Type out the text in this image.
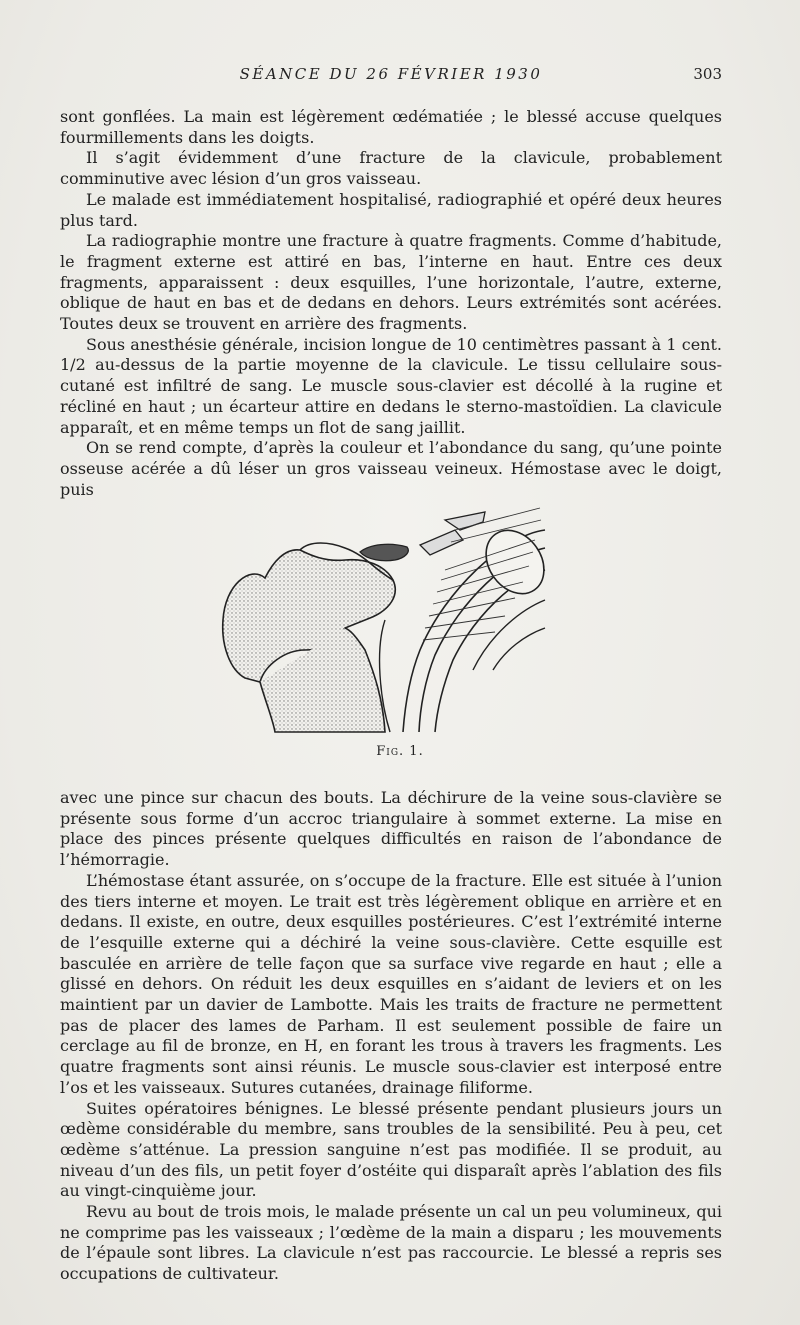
SÉANCE DU 26 FÉVRIER 1930	303

sont gonflées. La main est légèrement œdématiée ; le blessé accuse quelques fourmillements dans les doigts.

Il s’agit évidemment d’une fracture de la clavicule, probablement comminutive avec lésion d’un gros vaisseau.

Le malade est immédiatement hospitalisé, radiographié et opéré deux heures plus tard.

La radiographie montre une fracture à quatre fragments. Comme d’habitude, le fragment externe est attiré en bas, l’interne en haut. Entre ces deux fragments, apparaissent : deux esquilles, l’une horizontale, l’autre, externe, oblique de haut en bas et de dedans en dehors. Leurs extrémités sont acérées. Toutes deux se trouvent en arrière des fragments.

Sous anesthésie générale, incision longue de 10 centimètres passant à 1 cent. 1/2 au-dessus de la partie moyenne de la clavicule. Le tissu cellulaire sous-cutané est infiltré de sang. Le muscle sous-clavier est décollé à la rugine et récliné en haut ; un écarteur attire en dedans le sterno-mastoïdien. La clavicule apparaît, et en même temps un flot de sang jaillit.

On se rend compte, d’après la couleur et l’abondance du sang, qu’une pointe osseuse acérée a dû léser un gros vaisseau veineux. Hémostase avec le doigt, puis

Fig. 1.

avec une pince sur chacun des bouts. La déchirure de la veine sous-clavière se présente sous forme d’un accroc triangulaire à sommet externe. La mise en place des pinces présente quelques difficultés en raison de l’abondance de l’hémorragie.

L’hémostase étant assurée, on s’occupe de la fracture. Elle est située à l’union des tiers interne et moyen. Le trait est très légèrement oblique en arrière et en dedans. Il existe, en outre, deux esquilles postérieures. C’est l’extrémité interne de l’esquille externe qui a déchiré la veine sous-clavière. Cette esquille est basculée en arrière de telle façon que sa surface vive regarde en haut ; elle a glissé en dehors. On réduit les deux esquilles en s’aidant de leviers et on les maintient par un davier de Lambotte. Mais les traits de fracture ne permettent pas de placer des lames de Parham. Il est seulement possible de faire un cerclage au fil de bronze, en H, en forant les trous à travers les fragments. Les quatre fragments sont ainsi réunis. Le muscle sous-clavier est interposé entre l’os et les vaisseaux. Sutures cutanées, drainage filiforme.

Suites opératoires bénignes. Le blessé présente pendant plusieurs jours un œdème considérable du membre, sans troubles de la sensibilité. Peu à peu, cet œdème s’atténue. La pression sanguine n’est pas modifiée. Il se produit, au niveau d’un des fils, un petit foyer d’ostéite qui disparaît après l’ablation des fils au vingt-cinquième jour.

Revu au bout de trois mois, le malade présente un cal un peu volumineux, qui ne comprime pas les vaisseaux ; l’œdème de la main a disparu ; les mouvements de l’épaule sont libres. La clavicule n’est pas raccourcie. Le blessé a repris ses occupations de cultivateur.
